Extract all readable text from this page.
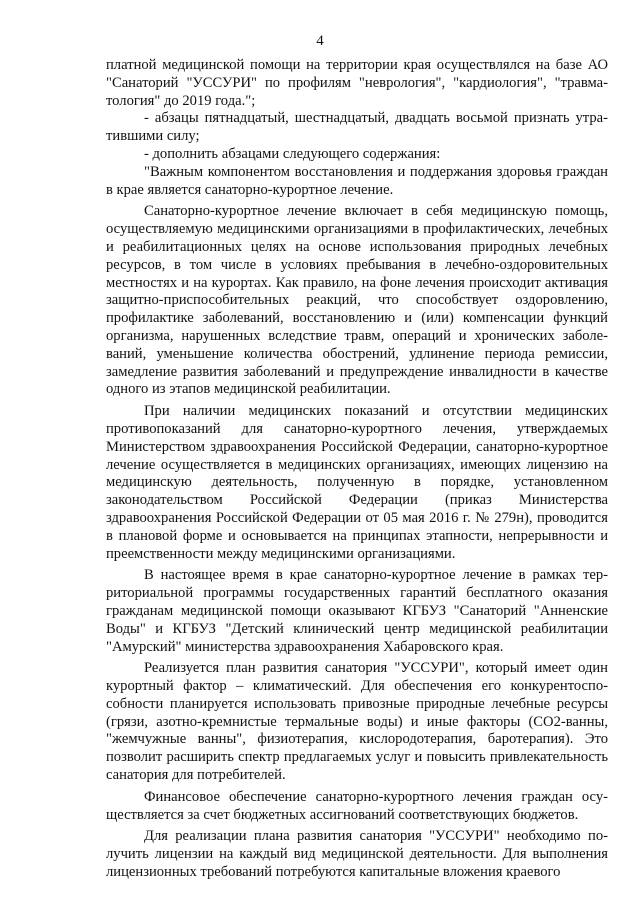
4

платной медицинской помощи на территории края осуществлялся на базе АО "Санаторий "УССУРИ" по профилям "неврология", "кардиология", "травматология" до 2019 года.";

- абзацы пятнадцатый, шестнадцатый, двадцать восьмой признать утратившими силу;

- дополнить абзацами следующего содержания:

"Важным компонентом восстановления и поддержания здоровья граждан в крае является санаторно-курортное лечение.

Санаторно-курортное лечение включает в себя медицинскую помощь, осуществляемую медицинскими организациями в профилактических, лечебных и реабилитационных целях на основе использования природных лечебных ресурсов, в том числе в условиях пребывания в лечебно-оздоровительных местностях и на курортах. Как правило, на фоне лечения происходит активация защитно-приспособительных реакций, что способствует оздоровлению, профилактике заболеваний, восстановлению и (или) компенсации функций организма, нарушенных вследствие травм, операций и хронических заболеваний, уменьшение количества обострений, удлинение периода ремиссии, замедление развития заболеваний и предупреждение инвалидности в качестве одного из этапов медицинской реабилитации.

При наличии медицинских показаний и отсутствии медицинских противопоказаний для санаторно-курортного лечения, утверждаемых Министерством здравоохранения Российской Федерации, санаторно-курортное лечение осуществляется в медицинских организациях, имеющих лицензию на медицинскую деятельность, полученную в порядке, установленном законодательством Российской Федерации (приказ Министерства здравоохранения Российской Федерации от 05 мая 2016 г. № 279н), проводится в плановой форме и основывается на принципах этапности, непрерывности и преемственности между медицинскими организациями.

В настоящее время в крае санаторно-курортное лечение в рамках территориальной программы государственных гарантий бесплатного оказания гражданам медицинской помощи оказывают КГБУЗ "Санаторий "Анненские Воды" и КГБУЗ "Детский клинический центр медицинской реабилитации "Амурский" министерства здравоохранения Хабаровского края.

Реализуется план развития санатория "УССУРИ", который имеет один курортный фактор – климатический. Для обеспечения его конкурентоспособности планируется использовать привозные природные лечебные ресурсы (грязи, азотно-кремнистые термальные воды) и иные факторы (СО2-ванны, "жемчужные ванны", физиотерапия, кислородотерапия, баротерапия). Это позволит расширить спектр предлагаемых услуг и повысить привлекательность санатория для потребителей.

Финансовое обеспечение санаторно-курортного лечения граждан осуществляется за счет бюджетных ассигнований соответствующих бюджетов.

Для реализации плана развития санатория "УССУРИ" необходимо получить лицензии на каждый вид медицинской деятельности. Для выполнения лицензионных требований потребуются капитальные вложения краевого
